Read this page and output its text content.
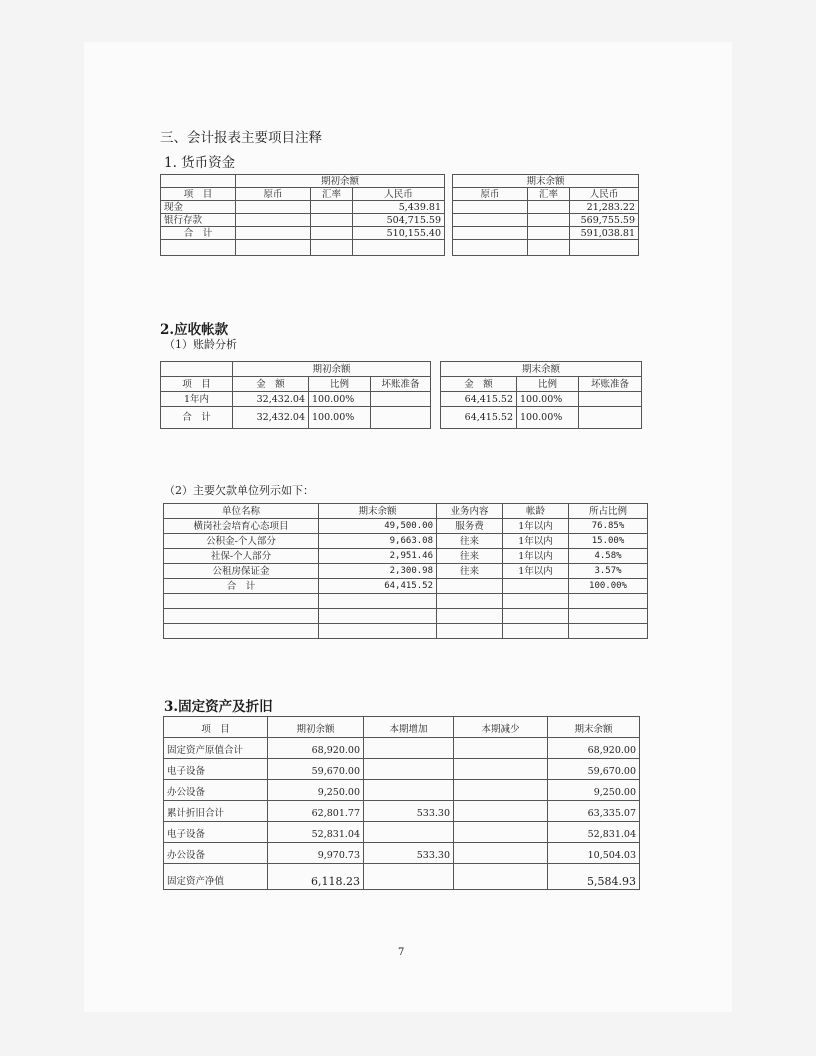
三、会计报表主要项目注释
1. 货币资金
	期初余额				期末余额		
项　目	原币	汇率	人民币		原币	汇率	人民币
现金			5,439.81				21,283.22
银行存款			504,715.59				569,755.59
合　计			510,155.40				591,038.81

2.应收帐款
（1）账龄分析
	期初余额				期末余额		
项　目	金　额	比例	坏账准备		金　额	比例	坏账准备
1年内	32,432.04	100.00%			64,415.52	100.00%	
合　计	32,432.04	100.00%			64,415.52	100.00%	
（2）主要欠款单位列示如下：
单位名称	期末余额	业务内容	帐龄	所占比例
横岗社会培育心态项目	49,500.00	服务费	1年以内	76.85%
公积金-个人部分	9,663.08	往来	1年以内	15.00%
社保-个人部分	2,951.46	往来	1年以内	4.58%
公租房保证金	2,300.98	往来	1年以内	3.57%
合　计	64,415.52			100.00%

3.固定资产及折旧
项　目	期初余额	本期增加	本期减少	期末余额
固定资产原值合计	68,920.00			68,920.00
电子设备	59,670.00			59,670.00
办公设备	9,250.00			9,250.00
累计折旧合计	62,801.77	533.30		63,335.07
电子设备	52,831.04			52,831.04
办公设备	9,970.73	533.30		10,504.03
固定资产净值	6,118.23			5,584.93
7
